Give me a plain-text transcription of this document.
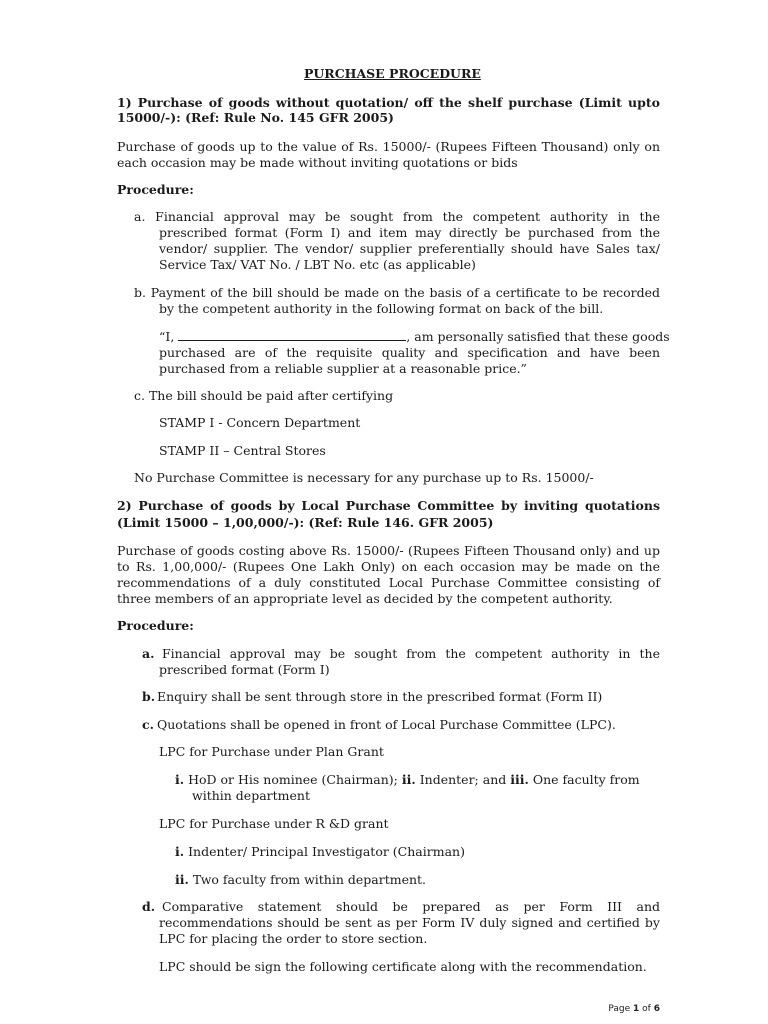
PURCHASE PROCEDURE

1) Purchase of goods without quotation/ off the shelf purchase (Limit upto

15000/-): (Ref: Rule No. 145 GFR 2005)

Purchase of goods up to the value of Rs. 15000/- (Rupees Fifteen Thousand) only on

each occasion may be made without inviting quotations or bids

Procedure:

a. Financial approval may be sought from the competent authority in the

prescribed format (Form I) and item may directly be purchased from the

vendor/ supplier. The vendor/ supplier preferentially should have Sales tax/

Service Tax/ VAT No. / LBT No. etc (as applicable)

b. Payment of the bill should be made on the basis of a certificate to be recorded

by the competent authority in the following format on back of the bill.

“I,	, am personally satisfied that these goods

purchased are of the requisite quality and specification and have been

purchased from a reliable supplier at a reasonable price.”

c. The bill should be paid after certifying

STAMP I - Concern Department

STAMP II – Central Stores

No Purchase Committee is necessary for any purchase up to Rs. 15000/-

2) Purchase of goods by Local Purchase Committee by inviting quotations

(Limit 15000 – 1,00,000/-): (Ref: Rule 146. GFR 2005)

Purchase of goods costing above Rs. 15000/- (Rupees Fifteen Thousand only) and up

to Rs. 1,00,000/- (Rupees One Lakh Only) on each occasion may be made on the

recommendations of a duly constituted Local Purchase Committee consisting of

three members of an appropriate level as decided by the competent authority.

Procedure:

a. Financial approval may be sought from the competent authority in the

prescribed format (Form I)

b. Enquiry shall be sent through store in the prescribed format (Form II)

c. Quotations shall be opened in front of Local Purchase Committee (LPC).

LPC for Purchase under Plan Grant

i. HoD or His nominee (Chairman); ii. Indenter; and iii. One faculty from

within department

LPC for Purchase under R &D grant

i. Indenter/ Principal Investigator (Chairman)

ii. Two faculty from within department.

d. Comparative statement should be prepared as per Form III and

recommendations should be sent as per Form IV duly signed and certified by

LPC for placing the order to store section.

LPC should be sign the following certificate along with the recommendation.

Page 1 of 6
